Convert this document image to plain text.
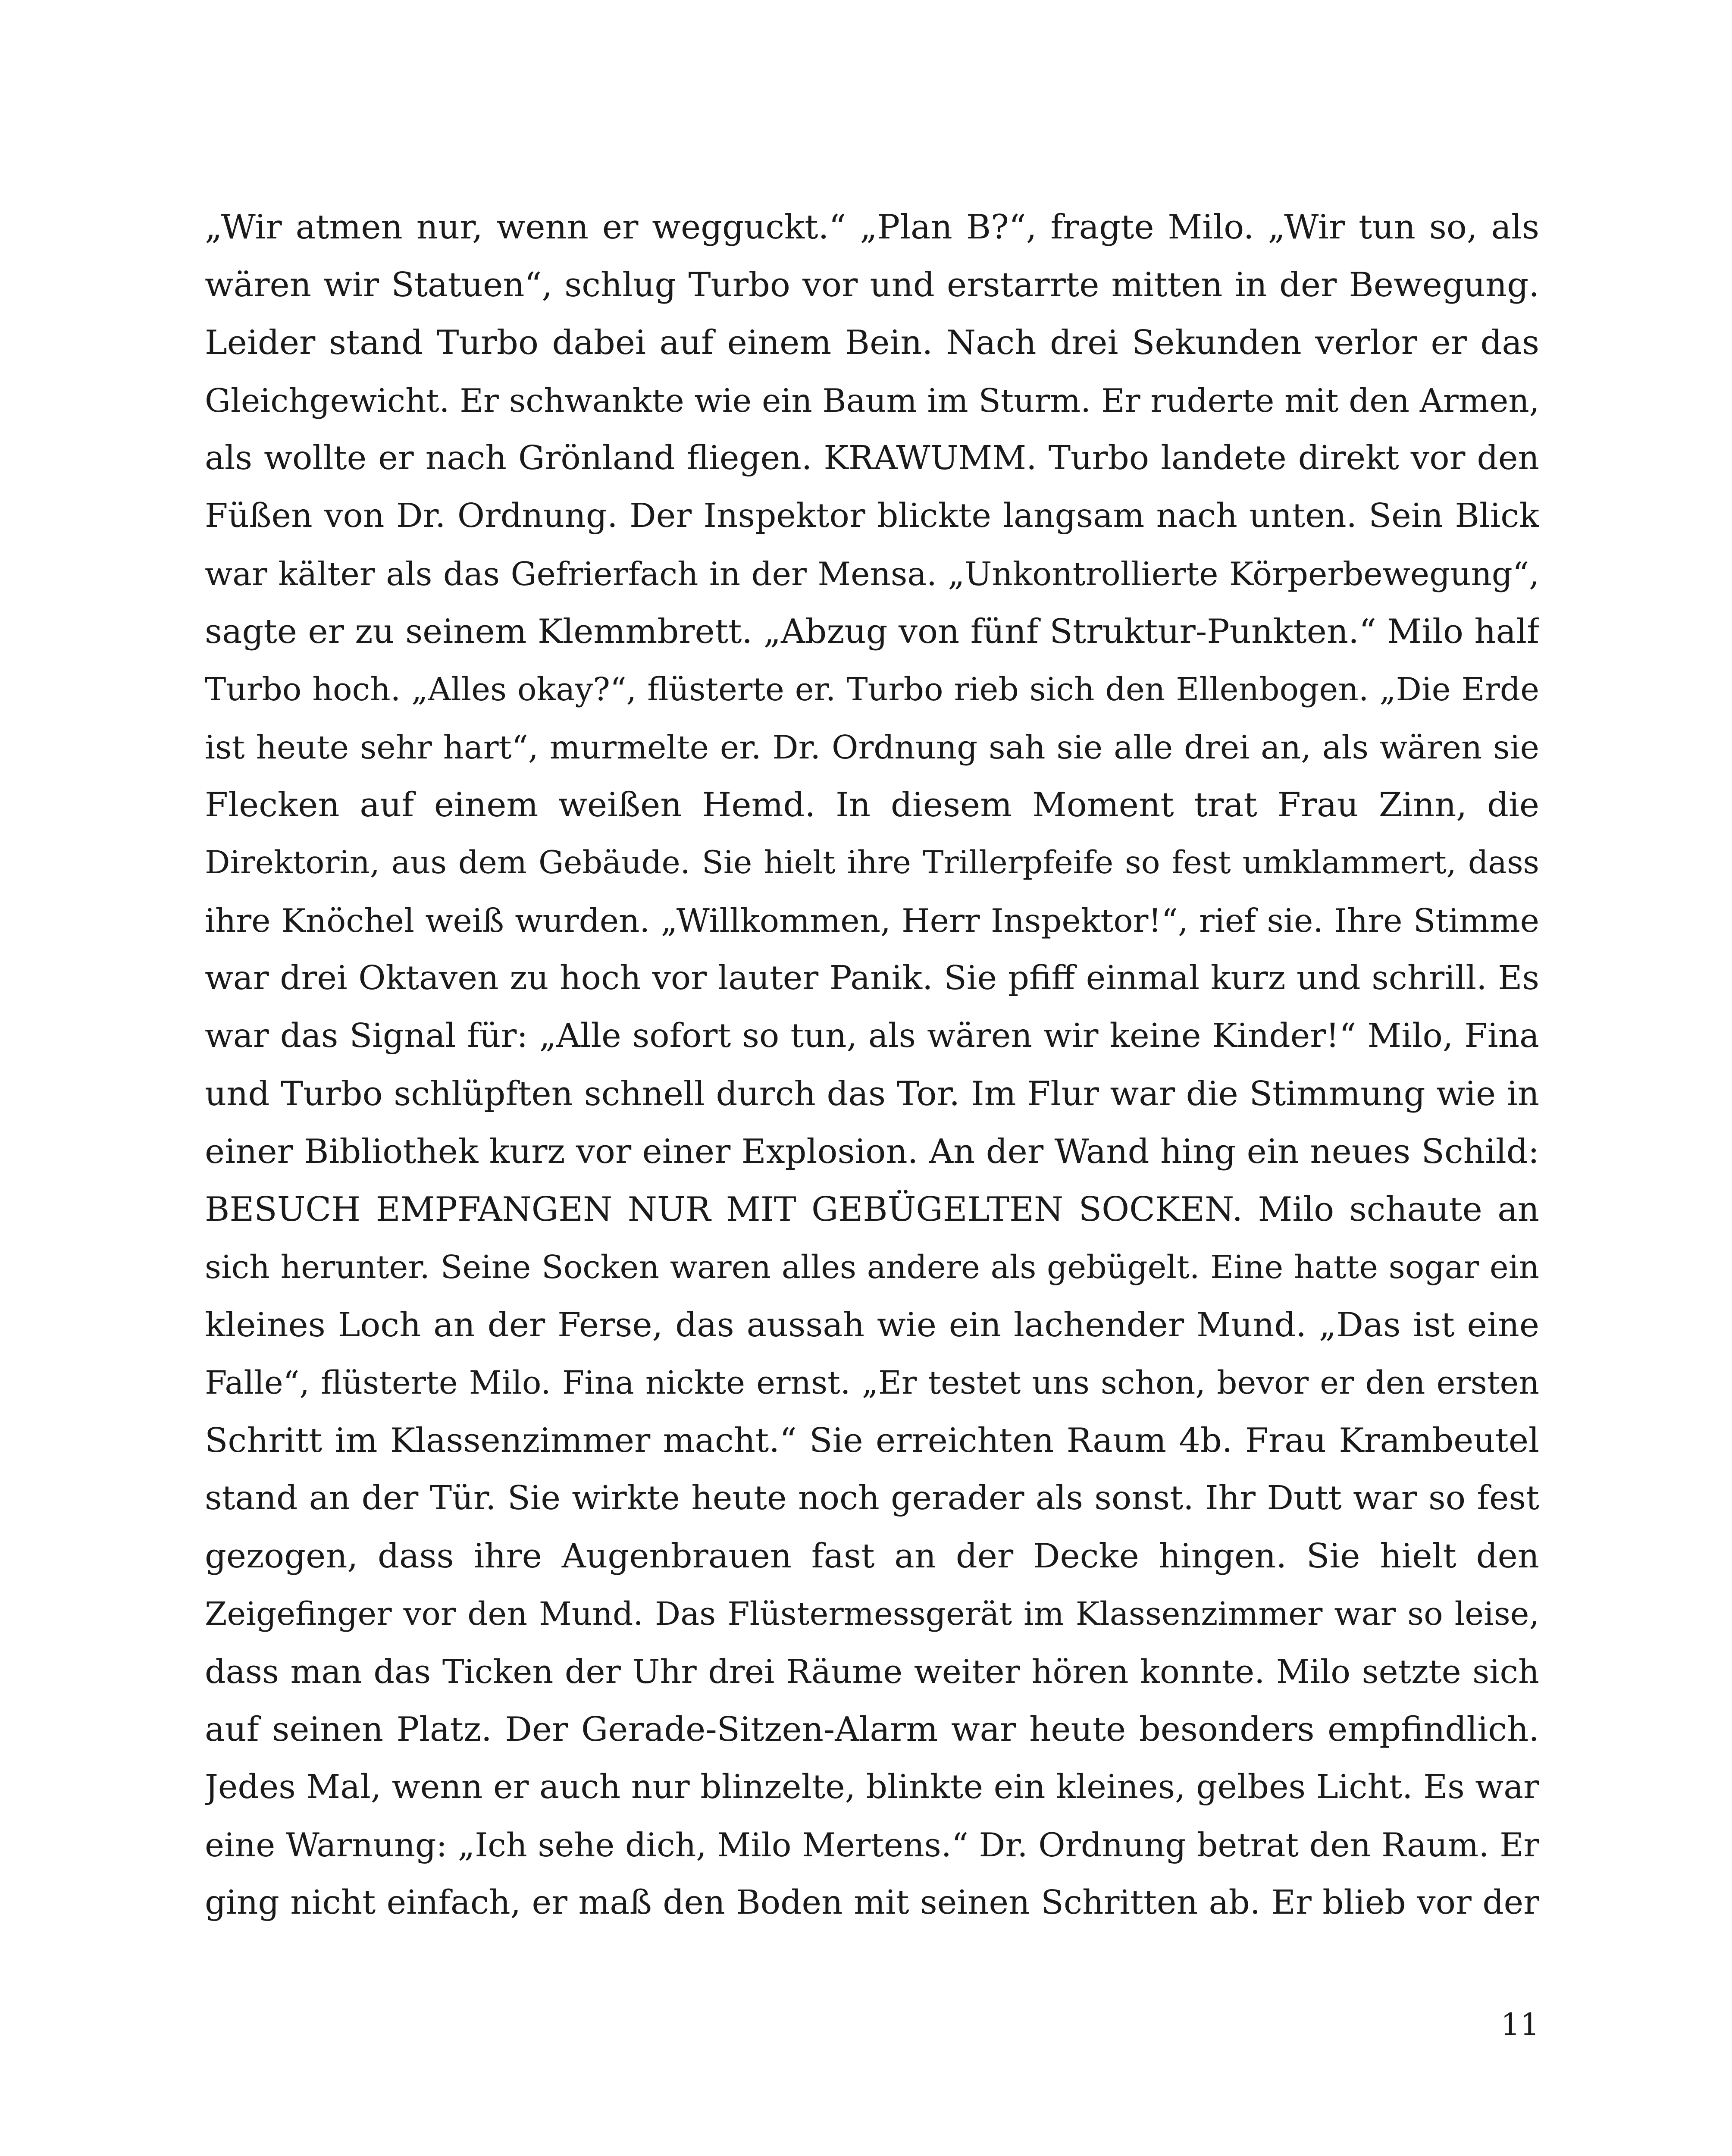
„Wir atmen nur, wenn er wegguckt.“ „Plan B?“, fragte Milo. „Wir tun so, als
wären wir Statuen“, schlug Turbo vor und erstarrte mitten in der Bewegung.
Leider stand Turbo dabei auf einem Bein. Nach drei Sekunden verlor er das
Gleichgewicht. Er schwankte wie ein Baum im Sturm. Er ruderte mit den Armen,
als wollte er nach Grönland fliegen. KRAWUMM. Turbo landete direkt vor den
Füßen von Dr. Ordnung. Der Inspektor blickte langsam nach unten. Sein Blick
war kälter als das Gefrierfach in der Mensa. „Unkontrollierte Körperbewegung“,
sagte er zu seinem Klemmbrett. „Abzug von fünf Struktur-Punkten.“ Milo half
Turbo hoch. „Alles okay?“, flüsterte er. Turbo rieb sich den Ellenbogen. „Die Erde
ist heute sehr hart“, murmelte er. Dr. Ordnung sah sie alle drei an, als wären sie
Flecken auf einem weißen Hemd. In diesem Moment trat Frau Zinn, die
Direktorin, aus dem Gebäude. Sie hielt ihre Trillerpfeife so fest umklammert, dass
ihre Knöchel weiß wurden. „Willkommen, Herr Inspektor!“, rief sie. Ihre Stimme
war drei Oktaven zu hoch vor lauter Panik. Sie pfiff einmal kurz und schrill. Es
war das Signal für: „Alle sofort so tun, als wären wir keine Kinder!“ Milo, Fina
und Turbo schlüpften schnell durch das Tor. Im Flur war die Stimmung wie in
einer Bibliothek kurz vor einer Explosion. An der Wand hing ein neues Schild:
BESUCH EMPFANGEN NUR MIT GEBÜGELTEN SOCKEN. Milo schaute an
sich herunter. Seine Socken waren alles andere als gebügelt. Eine hatte sogar ein
kleines Loch an der Ferse, das aussah wie ein lachender Mund. „Das ist eine
Falle“, flüsterte Milo. Fina nickte ernst. „Er testet uns schon, bevor er den ersten
Schritt im Klassenzimmer macht.“ Sie erreichten Raum 4b. Frau Krambeutel
stand an der Tür. Sie wirkte heute noch gerader als sonst. Ihr Dutt war so fest
gezogen, dass ihre Augenbrauen fast an der Decke hingen. Sie hielt den
Zeigefinger vor den Mund. Das Flüstermessgerät im Klassenzimmer war so leise,
dass man das Ticken der Uhr drei Räume weiter hören konnte. Milo setzte sich
auf seinen Platz. Der Gerade-Sitzen-Alarm war heute besonders empfindlich.
Jedes Mal, wenn er auch nur blinzelte, blinkte ein kleines, gelbes Licht. Es war
eine Warnung: „Ich sehe dich, Milo Mertens.“ Dr. Ordnung betrat den Raum. Er
ging nicht einfach, er maß den Boden mit seinen Schritten ab. Er blieb vor der
11
